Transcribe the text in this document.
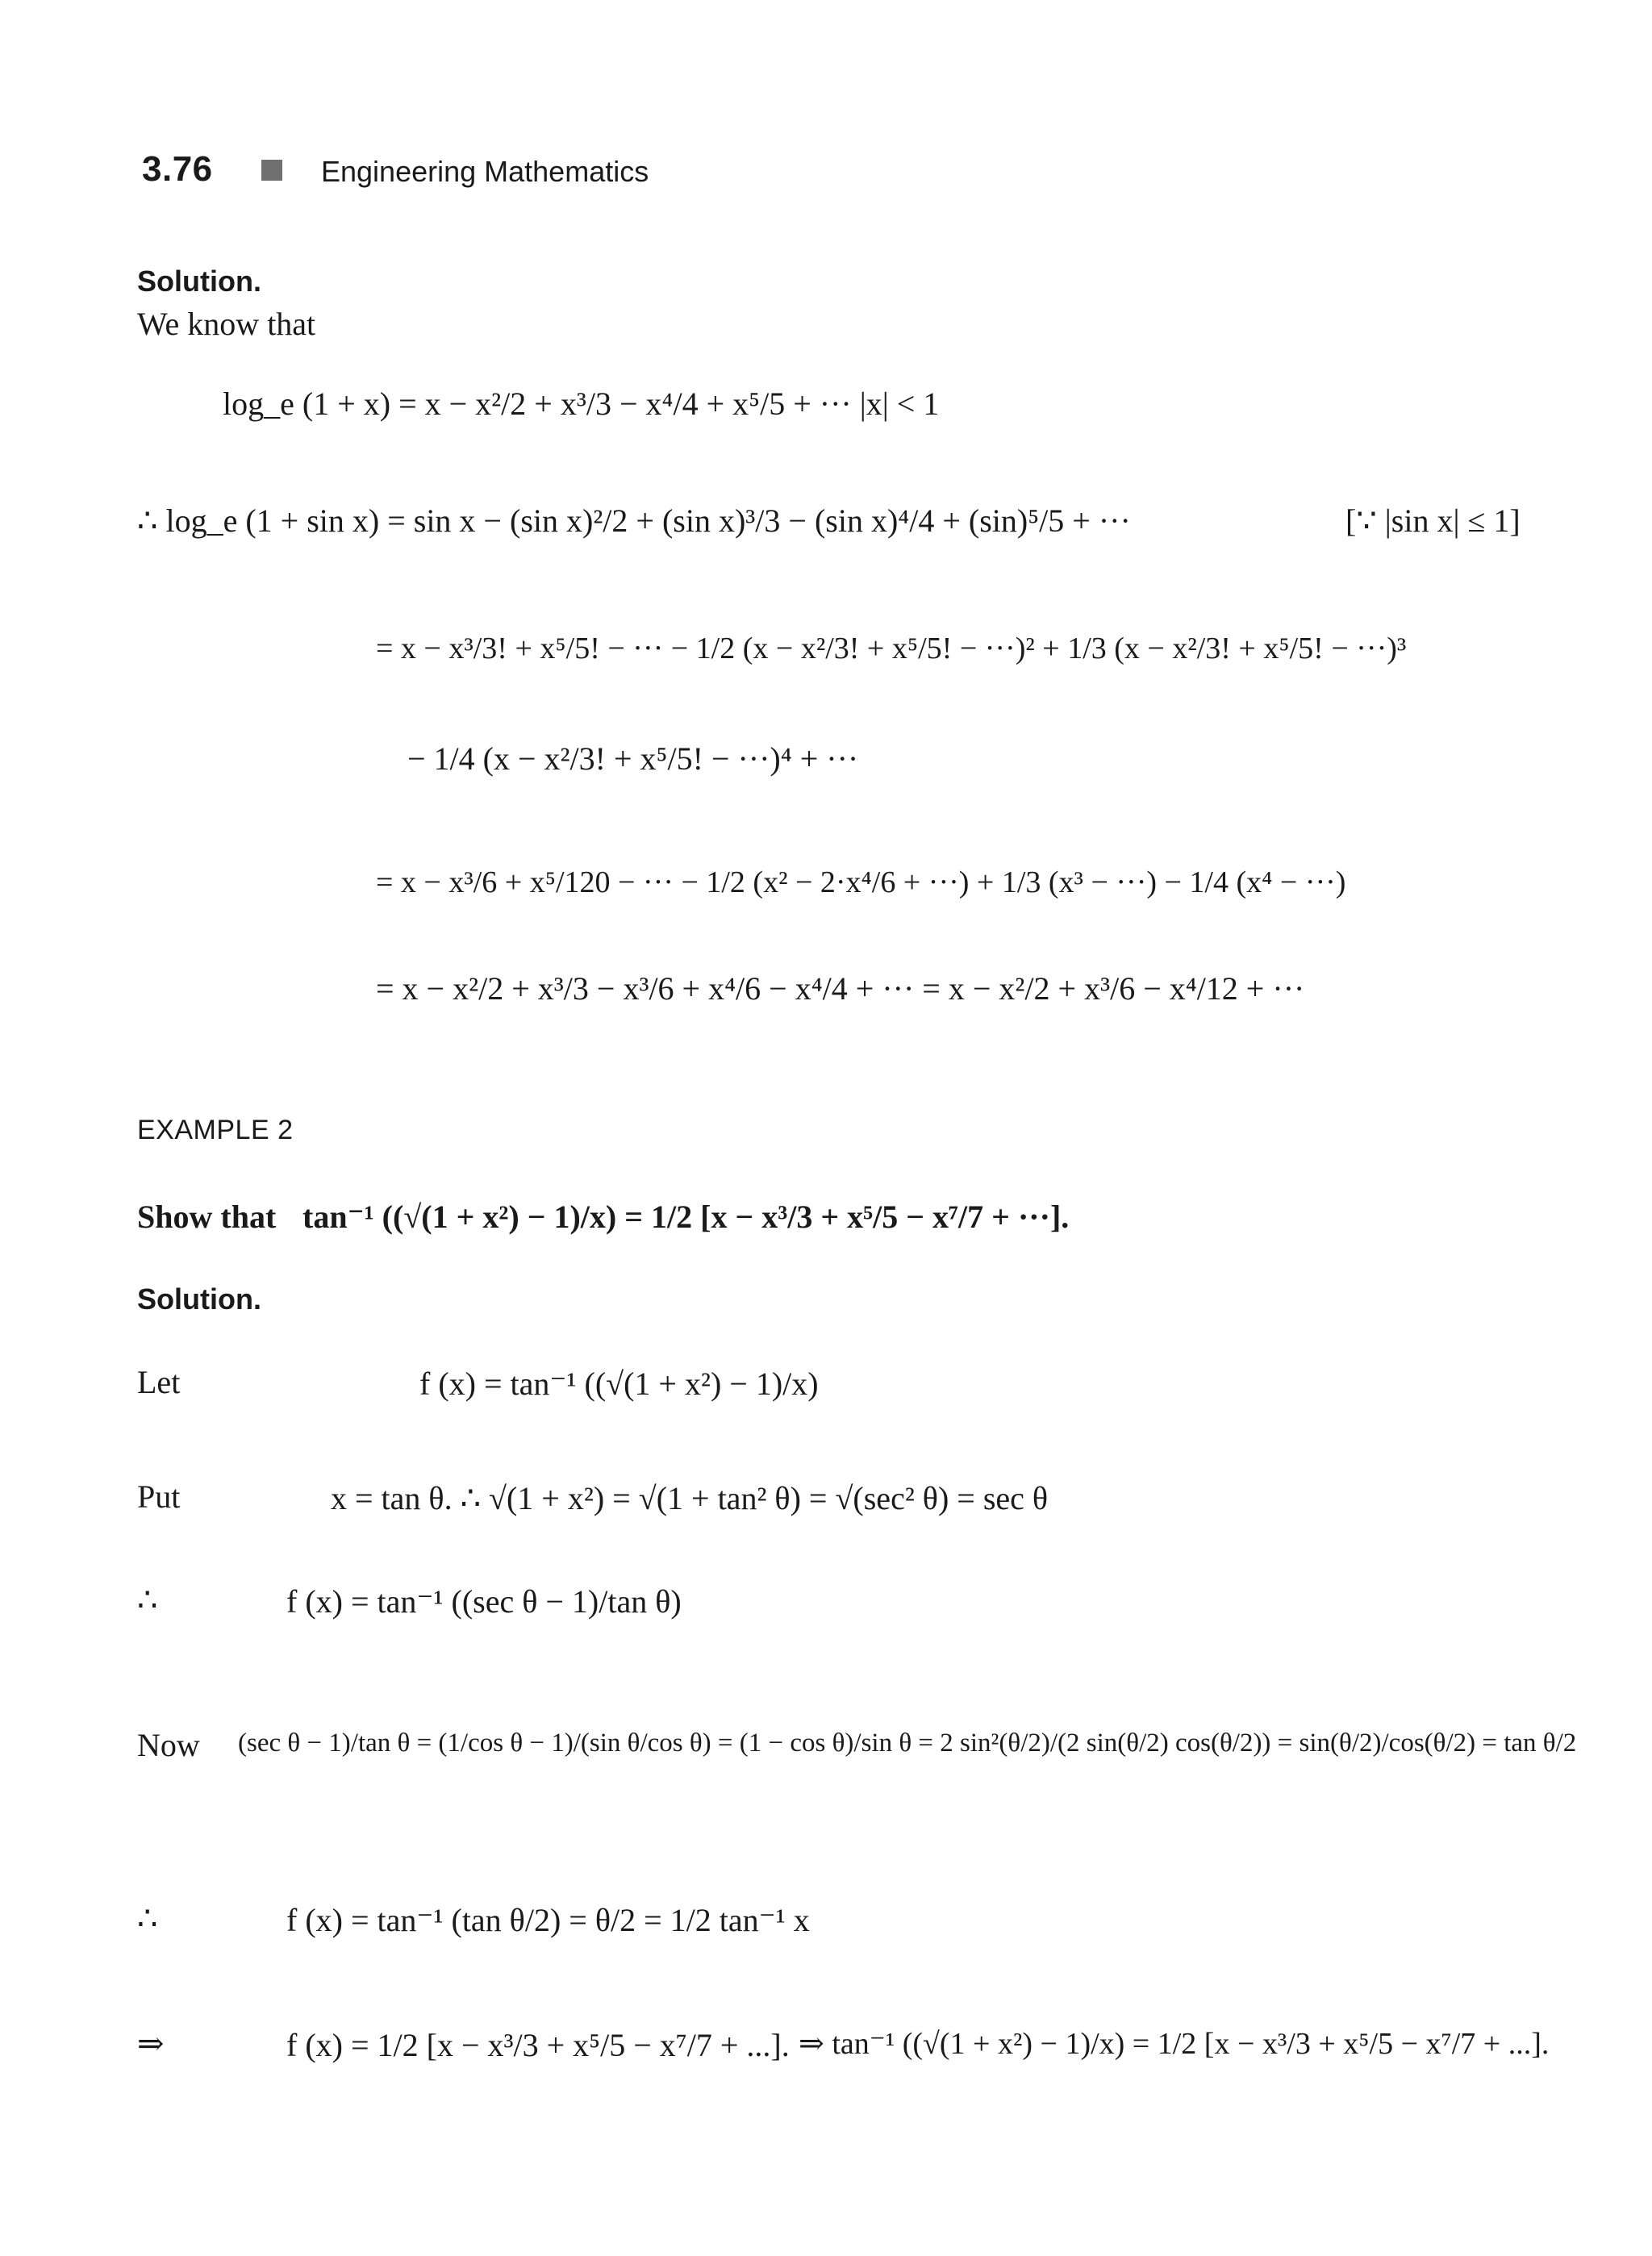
3.76	Engineering Mathematics
Solution.
We know that
log_e (1 + x) = x − x²/2 + x³/3 − x⁴/4 + x⁵/5 + ··· |x| < 1
∴ log_e (1 + sin x) = sin x − (sin x)²/2 + (sin x)³/3 − (sin x)⁴/4 + (sin)⁵/5 + ···	[∵ |sin x| ≤ 1]
= x − x³/3! + x⁵/5! − ··· − 1/2 (x − x²/3! + x⁵/5! − ···)² + 1/3 (x − x²/3! + x⁵/5! − ···)³
− 1/4 (x − x²/3! + x⁵/5! − ···)⁴ + ···
= x − x³/6 + x⁵/120 − ··· − 1/2 (x² − 2·x⁴/6 + ···) + 1/3 (x³ − ···) − 1/4 (x⁴ − ···)
= x − x²/2 + x³/3 − x³/6 + x⁴/6 − x⁴/4 + ··· = x − x²/2 + x³/6 − x⁴/12 + ···
EXAMPLE 2
Show that tan⁻¹ ((√(1 + x²) − 1)/x) = 1/2 [x − x³/3 + x⁵/5 − x⁷/7 + ···].
Solution.
Let	f (x) = tan⁻¹ ((√(1 + x²) − 1)/x)
Put	x = tan θ. ∴ √(1 + x²) = √(1 + tan² θ) = √(sec² θ) = sec θ
∴	f (x) = tan⁻¹ ((sec θ − 1)/tan θ)
Now (sec θ − 1)/tan θ = (1/cos θ − 1)/(sin θ/cos θ) = (1 − cos θ)/sin θ = 2 sin²(θ/2)/(2 sin(θ/2) cos(θ/2)) = sin(θ/2)/cos(θ/2) = tan θ/2
∴	f (x) = tan⁻¹ (tan θ/2) = θ/2 = 1/2 tan⁻¹ x
⇒	f (x) = 1/2 [x − x³/3 + x⁵/5 − x⁷/7 + ...]. ⇒ tan⁻¹ ((√(1 + x²) − 1)/x) = 1/2 [x − x³/3 + x⁵/5 − x⁷/7 + ...].
